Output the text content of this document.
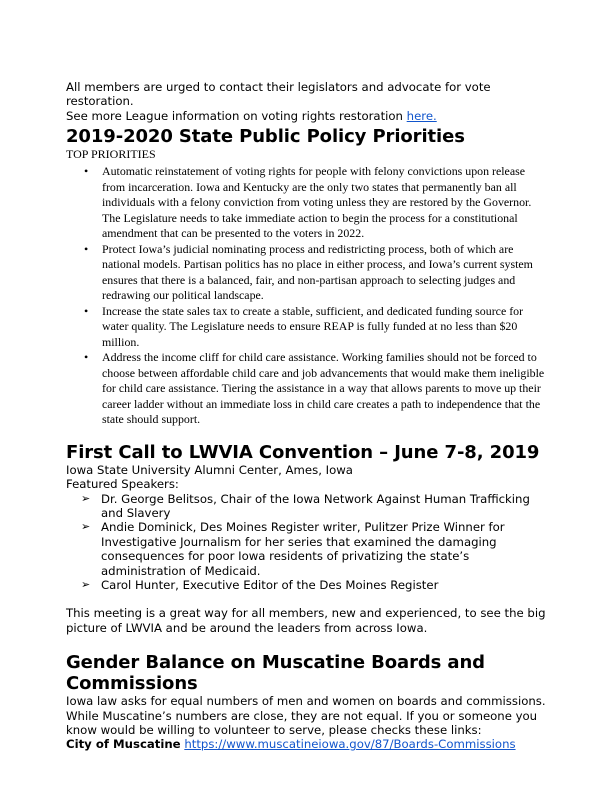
All members are urged to contact their legislators and advocate for vote restoration.

See more League information on voting rights restoration here.

2019-2020 State Public Policy Priorities

TOP PRIORITIES

• Automatic reinstatement of voting rights for people with felony convictions upon release from incarceration. Iowa and Kentucky are the only two states that permanently ban all individuals with a felony conviction from voting unless they are restored by the Governor. The Legislature needs to take immediate action to begin the process for a constitutional amendment that can be presented to the voters in 2022.
• Protect Iowa’s judicial nominating process and redistricting process, both of which are national models. Partisan politics has no place in either process, and Iowa’s current system ensures that there is a balanced, fair, and non-partisan approach to selecting judges and redrawing our political landscape.
• Increase the state sales tax to create a stable, sufficient, and dedicated funding source for water quality. The Legislature needs to ensure REAP is fully funded at no less than $20 million.
• Address the income cliff for child care assistance. Working families should not be forced to choose between affordable child care and job advancements that would make them ineligible for child care assistance. Tiering the assistance in a way that allows parents to move up their career ladder without an immediate loss in child care creates a path to independence that the state should support.
First Call to LWVIA Convention – June 7-8, 2019

Iowa State University Alumni Center, Ames, Iowa

Featured Speakers:

➢ Dr. George Belitsos, Chair of the Iowa Network Against Human Trafficking and Slavery
➢ Andie Dominick, Des Moines Register writer, Pulitzer Prize Winner for Investigative Journalism for her series that examined the damaging consequences for poor Iowa residents of privatizing the state’s administration of Medicaid.
➢ Carol Hunter, Executive Editor of the Des Moines Register

This meeting is a great way for all members, new and experienced, to see the big picture of LWVIA and be around the leaders from across Iowa.

Gender Balance on Muscatine Boards and Commissions

Iowa law asks for equal numbers of men and women on boards and commissions.

While Muscatine’s numbers are close, they are not equal. If you or someone you know would be willing to volunteer to serve, please checks these links:

City of Muscatine https://www.muscatineiowa.gov/87/Boards-Commissions
